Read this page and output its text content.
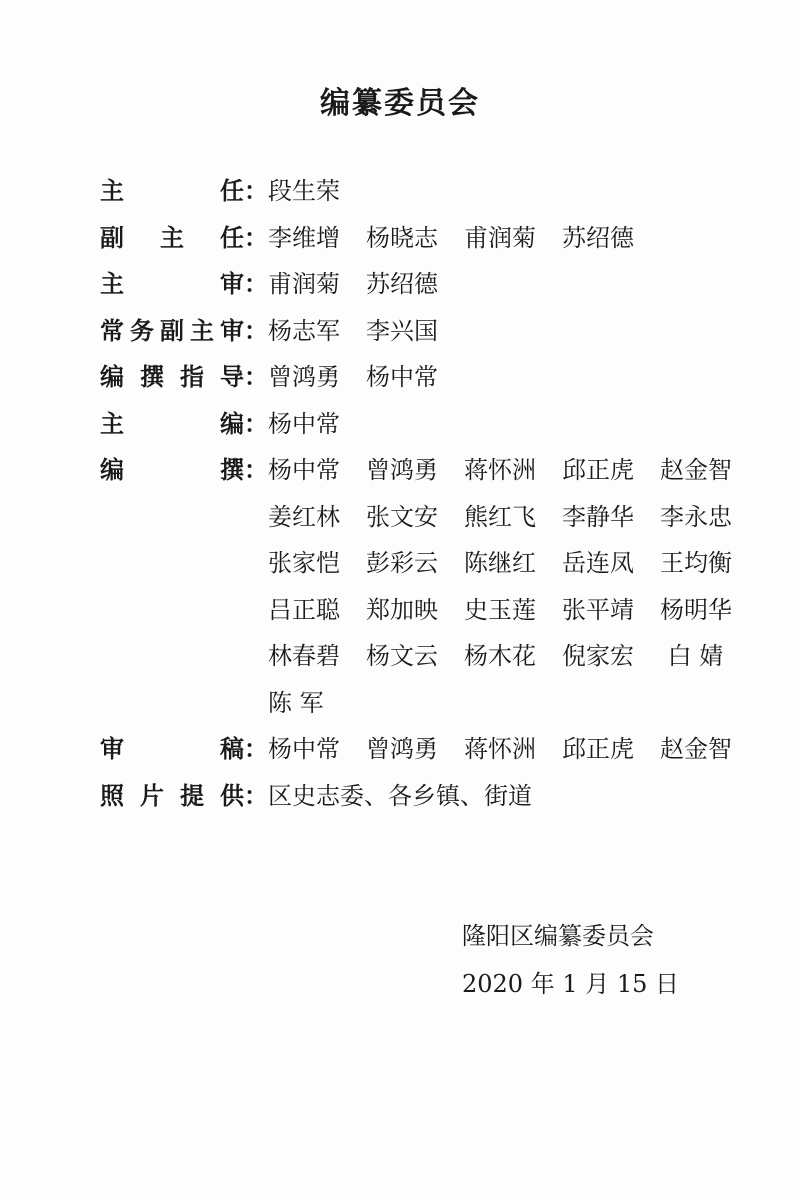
编纂委员会
主	任 ： 段生荣
副 主 任 ： 李维增	杨晓志	甫润菊	苏绍德
主	审 ： 甫润菊	苏绍德
常 务 副 主 审 ： 杨志军	李兴国
编 撰 指 导 ： 曾鸿勇	杨中常
主	编 ： 杨中常
编	撰 ： 杨中常	曾鸿勇	蒋怀洲	邱正虎	赵金智
姜红林	张文安	熊红飞	李静华	李永忠
张家恺	彭彩云	陈继红	岳连凤	王均衡
吕正聪	郑加映	史玉莲	张平靖	杨明华
林春碧	杨文云	杨木花	倪家宏	白 婧
陈 军
审	稿 ： 杨中常	曾鸿勇	蒋怀洲	邱正虎	赵金智
照 片 提 供 ： 区史志委、各乡镇、街道
隆阳区编纂委员会
2020 年 1 月 15 日
